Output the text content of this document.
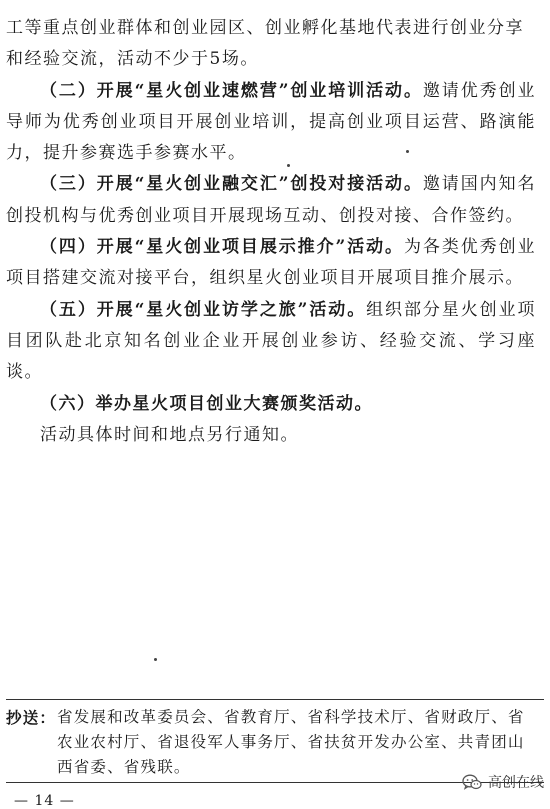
工等重点创业群体和创业园区、创业孵化基地代表进行创业分享

和经验交流，活动不少于5场。

（二）开展“星火创业速燃营”创业培训活动。邀请优秀创业导师为优秀创业项目开展创业培训，提高创业项目运营、路演能力，提升参赛选手参赛水平。

（三）开展“星火创业融交汇”创投对接活动。邀请国内知名创投机构与优秀创业项目开展现场互动、创投对接、合作签约。

（四）开展“星火创业项目展示推介”活动。为各类优秀创业项目搭建交流对接平台，组织星火创业项目开展项目推介展示。

（五）开展“星火创业访学之旅”活动。组织部分星火创业项目团队赴北京知名创业企业开展创业参访、经验交流、学习座谈。

（六）举办星火项目创业大赛颁奖活动。

活动具体时间和地点另行通知。

抄送： 省发展和改革委员会、省教育厅、省科学技术厅、省财政厅、省
农业农村厅、省退役军人事务厅、省扶贫开发办公室、共青团山
西省委、省残联。
— 14 —
高创在线
